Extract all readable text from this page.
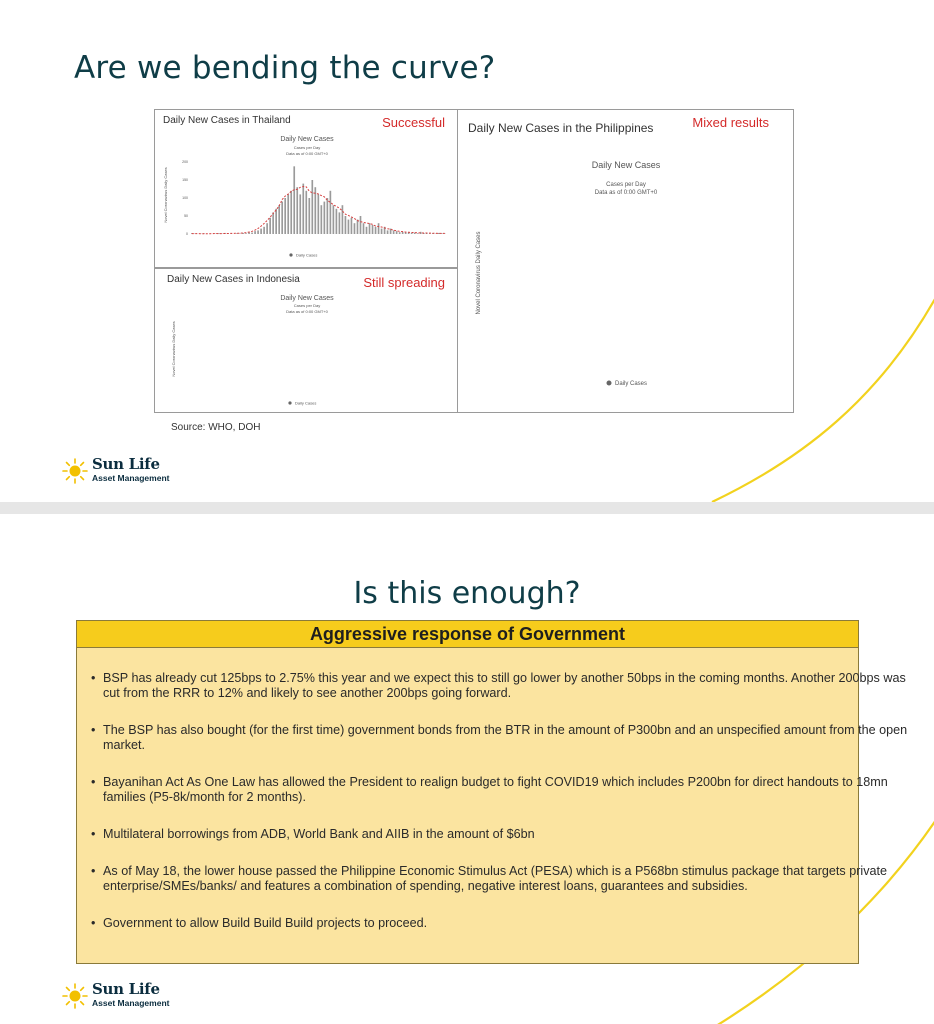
Are we bending the curve?
Daily New Cases in Thailand	Successful
Daily New Cases
Cases per Day
Data as of 0:00 GMT+0
Novel Coronavirus Daily Cases
200
150
100
50
0
Daily Cases
Daily New Cases in Indonesia	Still spreading
Daily New Cases
Cases per Day
Data as of 0:00 GMT+0
Novel Coronavirus Daily Cases
Daily Cases
Daily New Cases in the Philippines	Mixed results
Daily New Cases
Cases per Day
Data as of 0:00 GMT+0
Novel Coronavirus Daily Cases
Daily Cases
Source: WHO, DOH
Sun Life
Asset Management
Is this enough?
Aggressive response of Government
• BSP has already cut 125bps to 2.75% this year and we expect this to still go lower by another 50bps in the coming months. Another 200bps was cut from the RRR to 12% and likely to see another 200bps going forward.
• The BSP has also bought (for the first time) government bonds from the BTR in the amount of P300bn and an unspecified amount from the open market.
• Bayanihan Act As One Law has allowed the President to realign budget to fight COVID19 which includes P200bn for direct handouts to 18mn families (P5-8k/month for 2 months).
• Multilateral borrowings from ADB, World Bank and AIIB in the amount of $6bn
• As of May 18, the lower house passed the Philippine Economic Stimulus Act (PESA) which is a P568bn stimulus package that targets private enterprise/SMEs/banks/ and features a combination of spending, negative interest loans, guarantees and subsidies.
• Government to allow Build Build Build projects to proceed.
Sun Life
Asset Management
